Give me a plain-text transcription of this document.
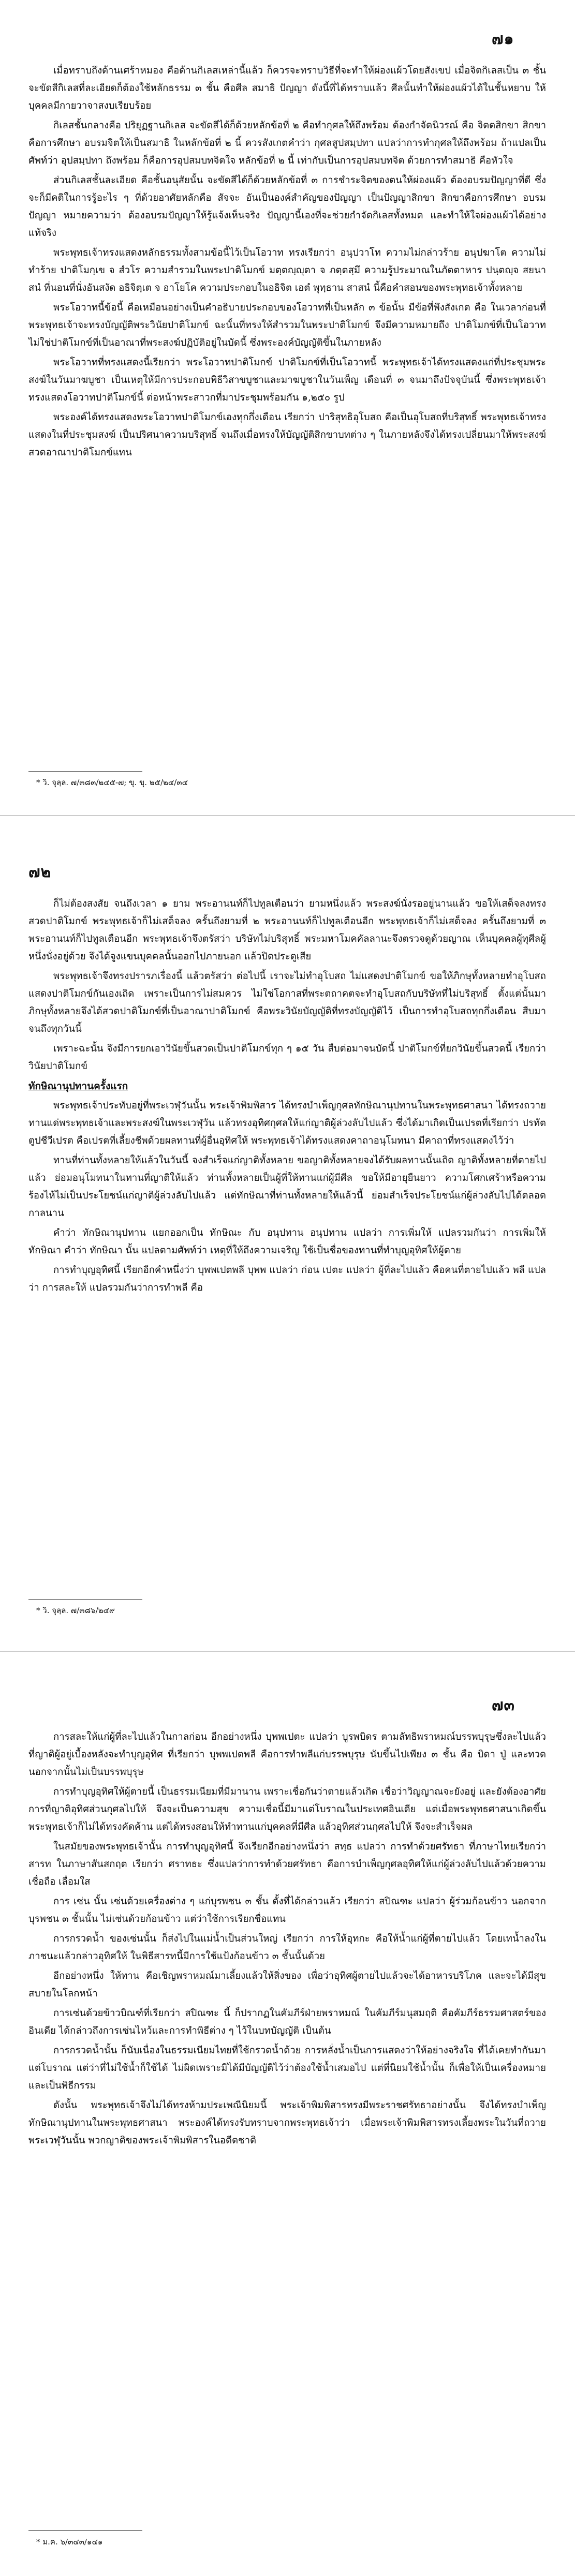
๗๑

เมื่อทราบถึงด้านเศร้าหมอง คือด้านกิเลสเหล่านี้แล้ว ก็ควรจะทราบวิธีที่จะทำให้ผ่องแผ้วโดยสังเขป เมื่อจิตกิเลสเป็น ๓ ชั้น จะขัดสีกิเลสที่ละเอียดก็ต้องใช้หลักธรรม ๓ ชั้น คือศีล สมาธิ ปัญญา ดังนี้ที่ได้ทราบแล้ว ศีลนั้นทำให้ผ่องแผ้วได้ในชั้นหยาบ ให้บุคคลมีกายวาจาสงบเรียบร้อย

กิเลสชั้นกลางคือ ปริยุฏฐานกิเลส จะขัดสีได้ก็ด้วยหลักข้อที่ ๒ คือทำกุศลให้ถึงพร้อม ต้องกำจัดนิวรณ์ คือ จิตตสิกขา สิกขาคือการศึกษา อบรมจิตให้เป็นสมาธิ ในหลักข้อที่ ๒ นี้ ควรสังเกตคำว่า กุศลสูปสมฺปทา แปลว่าการทำกุศลให้ถึงพร้อม ถ้าแปลเป็นศัพท์ว่า อุปสมฺปทา ถึงพร้อม ก็คือการอุปสมบทจิตใจ หลักข้อที่ ๒ นี้ เท่ากับเป็นการอุปสมบทจิต ด้วยการทำสมาธิ คือหัวใจ

ส่วนกิเลสชั้นละเอียด คือชั้นอนุสัยนั้น จะขัดสีได้ก็ด้วยหลักข้อที่ ๓ การชำระจิตของตนให้ผ่องแผ้ว ต้องอบรมปัญญาที่ดี ซึ่งจะก็มีคติในการรู้อะไร ๆ ที่ด้วยอาศัยหลักคือ สัจจะ อันเป็นองค์สำคัญของปัญญา เป็นปัญญาสิกขา สิกขาคือการศึกษา อบรมปัญญา หมายความว่า ต้องอบรมปัญญาให้รู้แจ้งเห็นจริง ปัญญานี้เองที่จะช่วยกำจัดกิเลสทั้งหมด และทำให้ใจผ่องแผ้วได้อย่างแท้จริง

พระพุทธเจ้าทรงแสดงหลักธรรมทั้งสามข้อนี้ไว้เป็นโอวาท ทรงเรียกว่า อนุปวาโท ความไม่กล่าวร้าย อนุปฆาโต ความไม่ทำร้าย ปาติโมกฺเข จ สํวโร ความสำรวมในพระปาติโมกข์ มตฺตญฺญุตา จ ภตฺตสฺมึ ความรู้ประมาณในภัตตาหาร ปนฺตญฺจ สยนาสนํ ที่นอนที่นั่งอันสงัด อธิจิตฺเต จ อาโยโค ความประกอบในอธิจิต เอตํ พุทฺธาน สาสนํ นี้คือคำสอนของพระพุทธเจ้าทั้งหลาย

พระโอวาทนี้ข้อนี้ คือเหมือนอย่างเป็นคำอธิบายประกอบของโอวาทที่เป็นหลัก ๓ ข้อนั้น มีข้อที่พึงสังเกต คือ ในเวลาก่อนที่พระพุทธเจ้าจะทรงบัญญัติพระวินัยปาติโมกข์ ฉะนั้นที่ทรงให้สำรวมในพระปาติโมกข์ จึงมีความหมายถึง ปาติโมกข์ที่เป็นโอวาท ไม่ใช่ปาติโมกข์ที่เป็นอาณาที่พระสงฆ์ปฏิบัติอยู่ในบัดนี้ ซึ่งพระองค์บัญญัติขึ้นในภายหลัง

พระโอวาทที่ทรงแสดงนี้เรียกว่า พระโอวาทปาติโมกข์ ปาติโมกข์ที่เป็นโอวาทนี้ พระพุทธเจ้าได้ทรงแสดงแก่ที่ประชุมพระสงฆ์ในวันมาฆบูชา เป็นเหตุให้มีการประกอบพิธีวิสาขบูชาและมาฆบูชาในวันเพ็ญ เดือนที่ ๓ จนมาถึงปัจจุบันนี้ ซึ่งพระพุทธเจ้าทรงแสดงโอวาทปาติโมกข์นี้ ต่อหน้าพระสาวกที่มาประชุมพร้อมกัน ๑,๒๕๐ รูป

พระองค์ได้ทรงแสดงพระโอวาทปาติโมกข์เองทุกกึ่งเดือน เรียกว่า ปาริสุทธิอุโบสถ คือเป็นอุโบสถที่บริสุทธิ์ พระพุทธเจ้าทรงแสดงในที่ประชุมสงฆ์ เป็นปริศนาความบริสุทธิ์ จนถึงเมื่อทรงให้บัญญัติสิกขาบทต่าง ๆ ในภายหลังจึงได้ทรงเปลี่ยนมาให้พระสงฆ์สวดอาณาปาติโมกข์แทน

* วิ. จุลฺล. ๗/๓๘๓/๒๔๕-๗; ขุ. ขุ. ๒๕/๒๔/๓๔
๗๒

ก็ไม่ต้องสงสัย จนถึงเวลา ๑ ยาม พระอานนท์ก็ไปทูลเตือนว่า ยามหนึ่งแล้ว พระสงฆ์นั่งรออยู่นานแล้ว ขอให้เสด็จลงทรงสวดปาติโมกข์ พระพุทธเจ้าก็ไม่เสด็จลง ครั้นถึงยามที่ ๒ พระอานนท์ก็ไปทูลเตือนอีก พระพุทธเจ้าก็ไม่เสด็จลง ครั้นถึงยามที่ ๓ พระอานนท์ก็ไปทูลเตือนอีก พระพุทธเจ้าจึงตรัสว่า บริษัทไม่บริสุทธิ์ พระมหาโมคคัลลานะจึงตรวจดูด้วยญาณ เห็นบุคคลผู้ทุศีลผู้หนึ่งนั่งอยู่ด้วย จึงได้จูงแขนบุคคลนั้นออกไปภายนอก แล้วปิดประตูเสีย

พระพุทธเจ้าจึงทรงปรารภเรื่องนี้ แล้วตรัสว่า ต่อไปนี้ เราจะไม่ทำอุโบสถ ไม่แสดงปาติโมกข์ ขอให้ภิกษุทั้งหลายทำอุโบสถ แสดงปาติโมกข์กันเองเถิด เพราะเป็นการไม่สมควร ไม่ใช่โอกาสที่พระตถาคตจะทำอุโบสถกับบริษัทที่ไม่บริสุทธิ์ ตั้งแต่นั้นมา ภิกษุทั้งหลายจึงได้สวดปาติโมกข์ที่เป็นอาณาปาติโมกข์ คือพระวินัยบัญญัติที่ทรงบัญญัติไว้ เป็นการทำอุโบสถทุกกึ่งเดือน สืบมาจนถึงทุกวันนี้

เพราะฉะนั้น จึงมีการยกเอาวินัยขึ้นสวดเป็นปาติโมกข์ทุก ๆ ๑๕ วัน สืบต่อมาจนบัดนี้ ปาติโมกข์ที่ยกวินัยขึ้นสวดนี้ เรียกว่า วินัยปาติโมกข์

ทักษิณานุปทานครั้งแรก

พระพุทธเจ้าประทับอยู่ที่พระเวฬุวันนั้น พระเจ้าพิมพิสาร ได้ทรงบำเพ็ญกุศลทักษิณานุปทานในพระพุทธศาสนา ได้ทรงถวายทานแด่พระพุทธเจ้าและพระสงฆ์ในพระเวฬุวัน แล้วทรงอุทิศกุศลให้แก่ญาติผู้ล่วงลับไปแล้ว ซึ่งได้มาเกิดเป็นเปรตที่เรียกว่า ปรทัตตูปชีวีเปรต คือเปรตที่เลี้ยงชีพด้วยผลทานที่ผู้อื่นอุทิศให้ พระพุทธเจ้าได้ทรงแสดงคาถาอนุโมทนา มีคาถาที่ทรงแสดงไว้ว่า

ทานที่ท่านทั้งหลายให้แล้วในวันนี้ จงสำเร็จแก่ญาติทั้งหลาย ขอญาติทั้งหลายจงได้รับผลทานนั้นเถิด ญาติทั้งหลายที่ตายไปแล้ว ย่อมอนุโมทนาในทานที่ญาติให้แล้ว ท่านทั้งหลายเป็นผู้ที่ให้ทานแก่ผู้มีศีล ขอให้มีอายุยืนยาว ความโศกเศร้าหรือความร้องไห้ไม่เป็นประโยชน์แก่ญาติผู้ล่วงลับไปแล้ว แต่ทักษิณาที่ท่านทั้งหลายให้แล้วนี้ ย่อมสำเร็จประโยชน์แก่ผู้ล่วงลับไปได้ตลอดกาลนาน

คำว่า ทักษิณานุปทาน แยกออกเป็น ทักษิณะ กับ อนุปทาน อนุปทาน แปลว่า การเพิ่มให้ แปลรวมกันว่า การเพิ่มให้ ทักษิณา คำว่า ทักษิณา นั้น แปลตามศัพท์ว่า เหตุที่ให้ถึงความเจริญ ใช้เป็นชื่อของทานที่ทำบุญอุทิศให้ผู้ตาย

การทำบุญอุทิศนี้ เรียกอีกคำหนึ่งว่า บุพพเปตพลี บุพพ แปลว่า ก่อน เปตะ แปลว่า ผู้ที่ละไปแล้ว คือคนที่ตายไปแล้ว พลี แปลว่า การสละให้ แปลรวมกันว่าการทำพลี คือ

* วิ. จุลฺล. ๗/๓๘๖/๒๔๙
๗๓

การสละให้แก่ผู้ที่ละไปแล้วในกาลก่อน อีกอย่างหนึ่ง บุพพเปตะ แปลว่า บูรพบิดร ตามลัทธิพราหมณ์บรรพบุรุษซึ่งละไปแล้วที่ญาติผู้อยู่เบื้องหลังจะทำบุญอุทิศ ที่เรียกว่า บุพพเปตพลี คือการทำพลีแก่บรรพบุรุษ นับขึ้นไปเพียง ๓ ชั้น คือ บิดา ปู่ และทวด นอกจากนั้นไม่เป็นบรรพบุรุษ

การทำบุญอุทิศให้ผู้ตายนี้ เป็นธรรมเนียมที่มีมานาน เพราะเชื่อกันว่าตายแล้วเกิด เชื่อว่าวิญญาณจะยังอยู่ และยังต้องอาศัยการที่ญาติอุทิศส่วนกุศลไปให้ จึงจะเป็นความสุข ความเชื่อนี้มีมาแต่โบราณในประเทศอินเดีย แต่เมื่อพระพุทธศาสนาเกิดขึ้น พระพุทธเจ้าก็ไม่ได้ทรงคัดค้าน แต่ได้ทรงสอนให้ทำทานแก่บุคคลที่มีศีล แล้วอุทิศส่วนกุศลไปให้ จึงจะสำเร็จผล

ในสมัยของพระพุทธเจ้านั้น การทำบุญอุทิศนี้ จึงเรียกอีกอย่างหนึ่งว่า สทฺธ แปลว่า การทำด้วยศรัทธา ที่ภาษาไทยเรียกว่า สารท ในภาษาสันสกฤต เรียกว่า ศราทธะ ซึ่งแปลว่าการทำด้วยศรัทธา คือการบำเพ็ญกุศลอุทิศให้แก่ผู้ล่วงลับไปแล้วด้วยความเชื่อถือ เลื่อมใส

การ เซ่น นั้น เซ่นด้วยเครื่องต่าง ๆ แก่บุรพชน ๓ ชั้น ตั้งที่ได้กล่าวแล้ว เรียกว่า สปิณฑะ แปลว่า ผู้ร่วมก้อนข้าว นอกจากบุรพชน ๓ ชั้นนั้น ไม่เซ่นด้วยก้อนข้าว แต่ว่าใช้การเรียกชื่อแทน

การกรวดน้ำ ของเซ่นนั้น ก็ส่งไปในแม่น้ำเป็นส่วนใหญ่ เรียกว่า การให้อุทกะ คือให้น้ำแก่ผู้ที่ตายไปแล้ว โดยเทน้ำลงในภาชนะแล้วกล่าวอุทิศให้ ในพิธีสารทนี้มีการใช้แป้งก้อนข้าว ๓ ชั้นนั้นด้วย

อีกอย่างหนึ่ง ให้ทาน คือเชิญพราหมณ์มาเลี้ยงแล้วให้สิ่งของ เพื่อว่าอุทิศผู้ตายไปแล้วจะได้อาหารบริโภค และจะได้มีสุขสบายในโลกหน้า

การเซ่นด้วยข้าวบิณฑ์ที่เรียกว่า สปิณฑะ นี้ ก็ปรากฏในคัมภีร์ฝ่ายพราหมณ์ ในคัมภีร์มนุสมฤติ คือคัมภีร์ธรรมศาสตร์ของอินเดีย ได้กล่าวถึงการเซ่นไหว้และการทำพิธีต่าง ๆ ไว้ในบทบัญญัติ เป็นต้น

การกรวดน้ำนั้น ก็นับเนื่องในธรรมเนียมไทยที่ใช้กรวดน้ำด้วย การหลั่งน้ำเป็นการแสดงว่าให้อย่างจริงใจ ที่ได้เคยทำกันมาแต่โบราณ แต่ว่าที่ไม่ใช้น้ำก็ใช้ได้ ไม่ผิดเพราะมิได้มีบัญญัติไว้ว่าต้องใช้น้ำเสมอไป แต่ที่นิยมใช้น้ำนั้น ก็เพื่อให้เป็นเครื่องหมาย และเป็นพิธีกรรม

ดังนั้น พระพุทธเจ้าจึงไม่ได้ทรงห้ามประเพณีนิยมนี้ พระเจ้าพิมพิสารทรงมีพระราชศรัทธาอย่างนั้น จึงได้ทรงบำเพ็ญทักษิณานุปทานในพระพุทธศาสนา พระองค์ได้ทรงรับทราบจากพระพุทธเจ้าว่า เมื่อพระเจ้าพิมพิสารทรงเลี้ยงพระในวันที่ถวายพระเวฬุวันนั้น พวกญาติของพระเจ้าพิมพิสารในอดีตชาติ

* ม.ค. ๖/๓๔๓/๑๔๑
